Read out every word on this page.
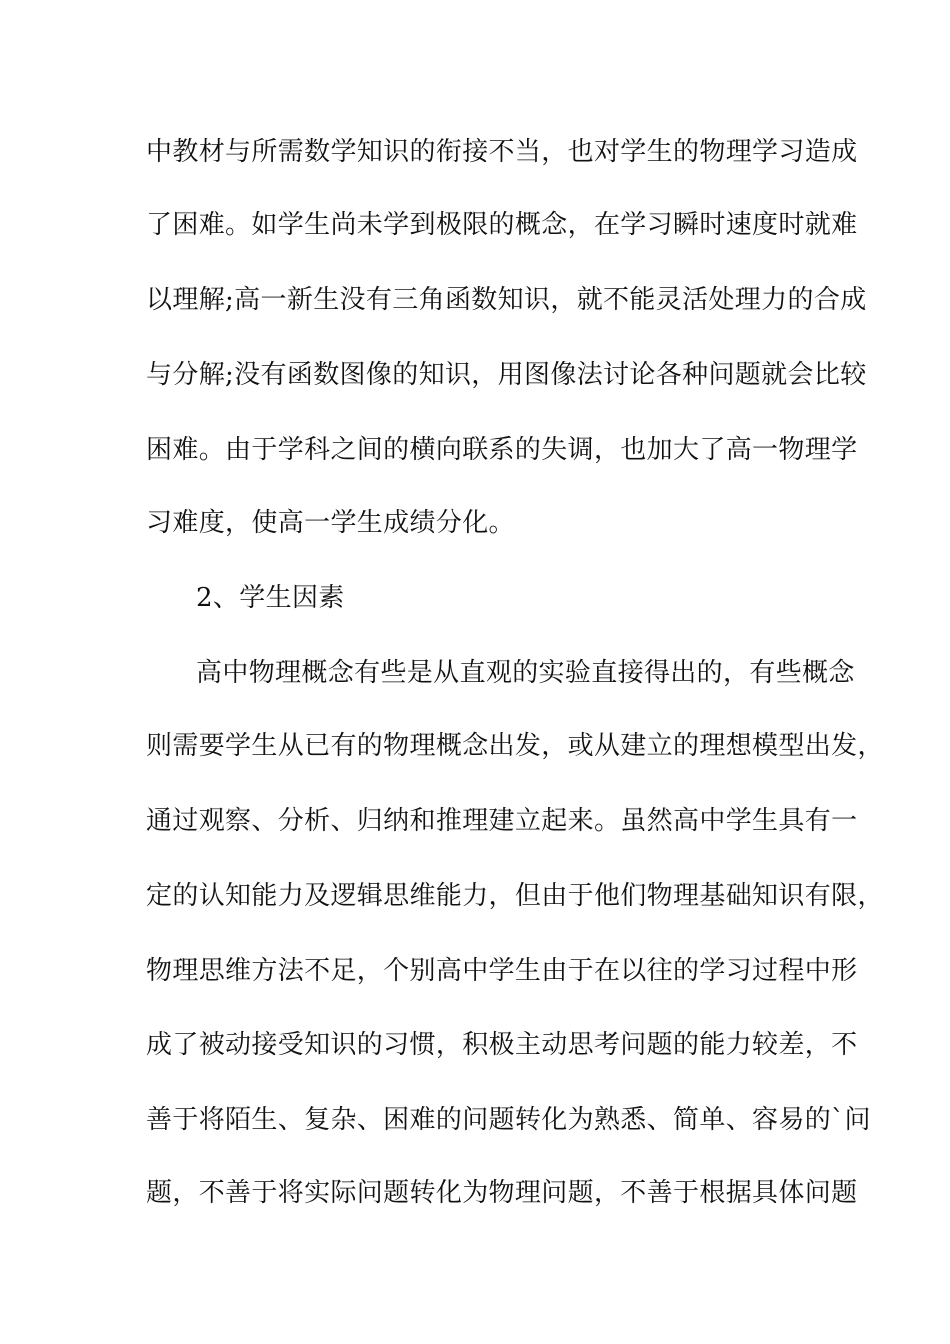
中教材与所需数学知识的衔接不当，也对学生的物理学习造成
了困难。如学生尚未学到极限的概念，在学习瞬时速度时就难
以理解;高一新生没有三角函数知识，就不能灵活处理力的合成
与分解;没有函数图像的知识，用图像法讨论各种问题就会比较
困难。由于学科之间的横向联系的失调，也加大了高一物理学
习难度，使高一学生成绩分化。
2、学生因素
高中物理概念有些是从直观的实验直接得出的，有些概念
则需要学生从已有的物理概念出发，或从建立的理想模型出发，
通过观察、分析、归纳和推理建立起来。虽然高中学生具有一
定的认知能力及逻辑思维能力，但由于他们物理基础知识有限，
物理思维方法不足，个别高中学生由于在以往的学习过程中形
成了被动接受知识的习惯，积极主动思考问题的能力较差，不
善于将陌生、复杂、困难的问题转化为熟悉、简单、容易的`问
题，不善于将实际问题转化为物理问题，不善于根据具体问题
